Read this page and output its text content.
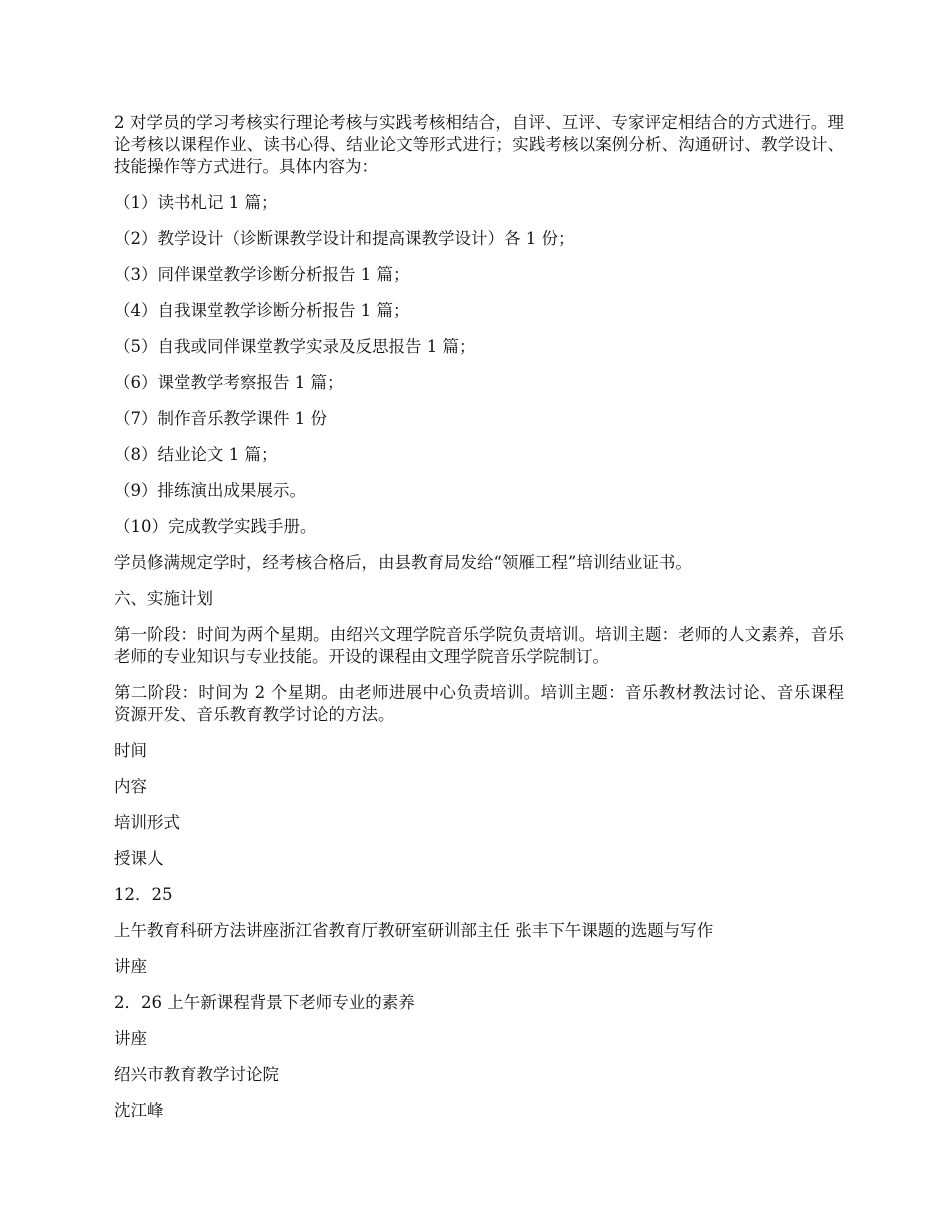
2 对学员的学习考核实行理论考核与实践考核相结合，自评、互评、专家评定相结合的方式进行。理论考核以课程作业、读书心得、结业论文等形式进行；实践考核以案例分析、沟通研讨、教学设计、技能操作等方式进行。具体内容为：

（1）读书札记 1 篇；

（2）教学设计（诊断课教学设计和提高课教学设计）各 1 份；

（3）同伴课堂教学诊断分析报告 1 篇；

（4）自我课堂教学诊断分析报告 1 篇；

（5）自我或同伴课堂教学实录及反思报告 1 篇；

（6）课堂教学考察报告 1 篇；

（7）制作音乐教学课件 1 份

（8）结业论文 1 篇；

（9）排练演出成果展示。

（10）完成教学实践手册。

学员修满规定学时，经考核合格后，由县教育局发给“领雁工程”培训结业证书。

六、实施计划

第一阶段：时间为两个星期。由绍兴文理学院音乐学院负责培训。培训主题：老师的人文素养，音乐老师的专业知识与专业技能。开设的课程由文理学院音乐学院制订。

第二阶段：时间为 2 个星期。由老师进展中心负责培训。培训主题：音乐教材教法讨论、音乐课程资源开发、音乐教育教学讨论的方法。

时间

内容

培训形式

授课人

12．25

上午教育科研方法讲座浙江省教育厅教研室研训部主任 张丰下午课题的选题与写作

讲座

2．26 上午新课程背景下老师专业的素养

讲座

绍兴市教育教学讨论院

沈江峰
